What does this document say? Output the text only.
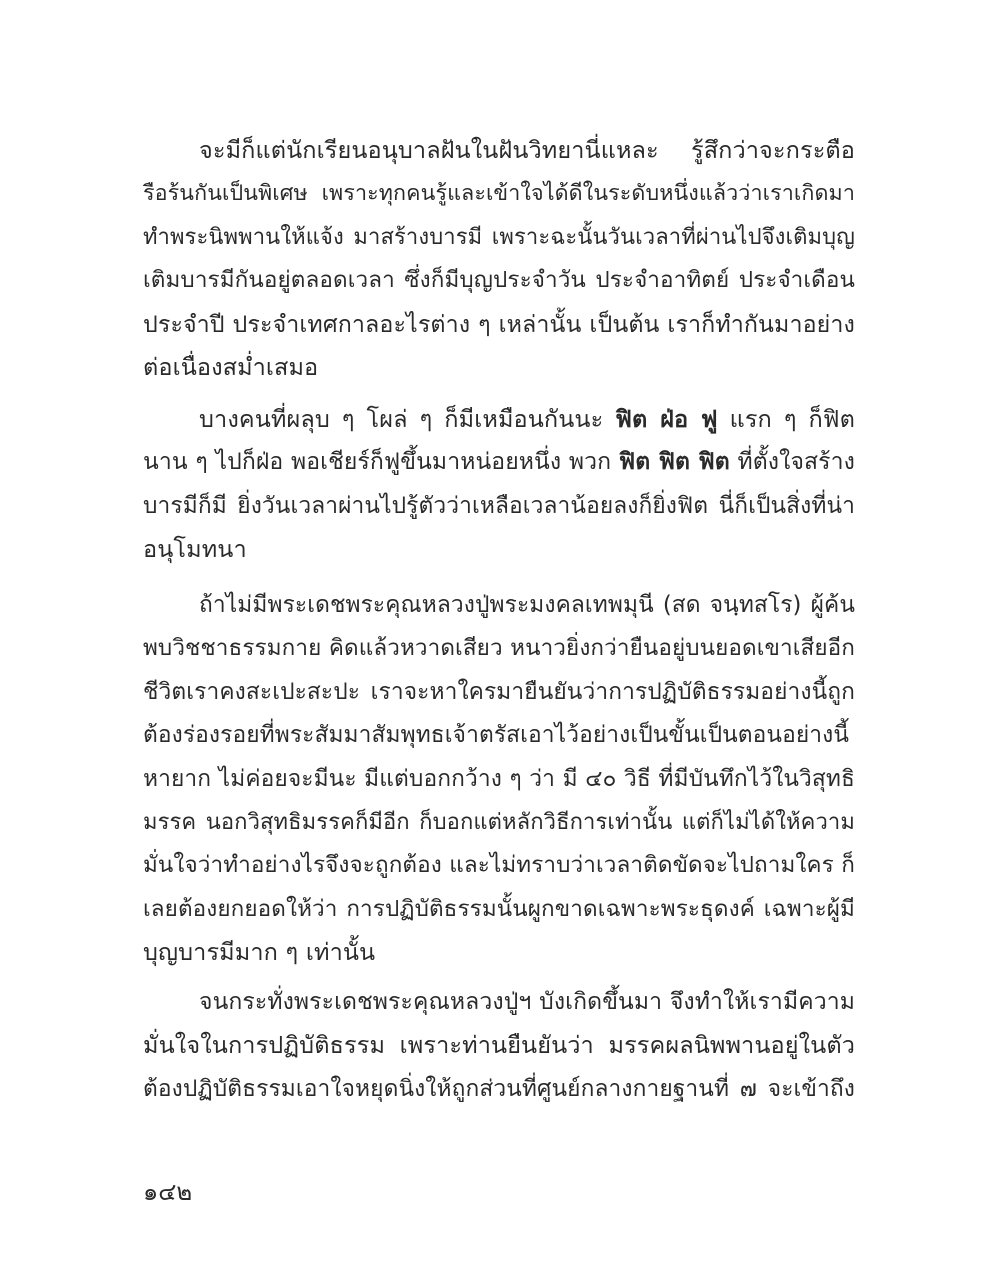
จะมีก็แต่นักเรียนอนุบาลฝันในฝันวิทยานี่แหละ รู้สึกว่าจะกระตือ
รือร้นกันเป็นพิเศษ เพราะทุกคนรู้และเข้าใจได้ดีในระดับหนึ่งแล้วว่าเราเกิดมา
ทำพระนิพพานให้แจ้ง มาสร้างบารมี เพราะฉะนั้นวันเวลาที่ผ่านไปจึงเติมบุญ
เติมบารมีกันอยู่ตลอดเวลา ซึ่งก็มีบุญประจำวัน ประจำอาทิตย์ ประจำเดือน
ประจำปี ประจำเทศกาลอะไรต่าง ๆ เหล่านั้น เป็นต้น เราก็ทำกันมาอย่าง
ต่อเนื่องสม่ำเสมอ
บางคนที่ผลุบ ๆ โผล่ ๆ ก็มีเหมือนกันนะ ฟิต ฝ่อ ฟู แรก ๆ ก็ฟิต
นาน ๆ ไปก็ฝ่อ พอเชียร์ก็ฟูขึ้นมาหน่อยหนึ่ง พวก ฟิต ฟิต ฟิต ที่ตั้งใจสร้าง
บารมีก็มี ยิ่งวันเวลาผ่านไปรู้ตัวว่าเหลือเวลาน้อยลงก็ยิ่งฟิต นี่ก็เป็นสิ่งที่น่า
อนุโมทนา
ถ้าไม่มีพระเดชพระคุณหลวงปู่พระมงคลเทพมุนี (สด จนฺทสโร) ผู้ค้น
พบวิชชาธรรมกาย คิดแล้วหวาดเสียว หนาวยิ่งกว่ายืนอยู่บนยอดเขาเสียอีก
ชีวิตเราคงสะเปะสะปะ เราจะหาใครมายืนยันว่าการปฏิบัติธรรมอย่างนี้ถูก
ต้องร่องรอยที่พระสัมมาสัมพุทธเจ้าตรัสเอาไว้อย่างเป็นขั้นเป็นตอนอย่างนี้
หายาก ไม่ค่อยจะมีนะ มีแต่บอกกว้าง ๆ ว่า มี ๔๐ วิธี ที่มีบันทึกไว้ในวิสุทธิ
มรรค นอกวิสุทธิมรรคก็มีอีก ก็บอกแต่หลักวิธีการเท่านั้น แต่ก็ไม่ได้ให้ความ
มั่นใจว่าทำอย่างไรจึงจะถูกต้อง และไม่ทราบว่าเวลาติดขัดจะไปถามใคร ก็
เลยต้องยกยอดให้ว่า การปฏิบัติธรรมนั้นผูกขาดเฉพาะพระธุดงค์ เฉพาะผู้มี
บุญบารมีมาก ๆ เท่านั้น
จนกระทั่งพระเดชพระคุณหลวงปู่ฯ บังเกิดขึ้นมา จึงทำให้เรามีความ
มั่นใจในการปฏิบัติธรรม เพราะท่านยืนยันว่า มรรคผลนิพพานอยู่ในตัว
ต้องปฏิบัติธรรมเอาใจหยุดนิ่งให้ถูกส่วนที่ศูนย์กลางกายฐานที่ ๗ จะเข้าถึง
๑๔๒
